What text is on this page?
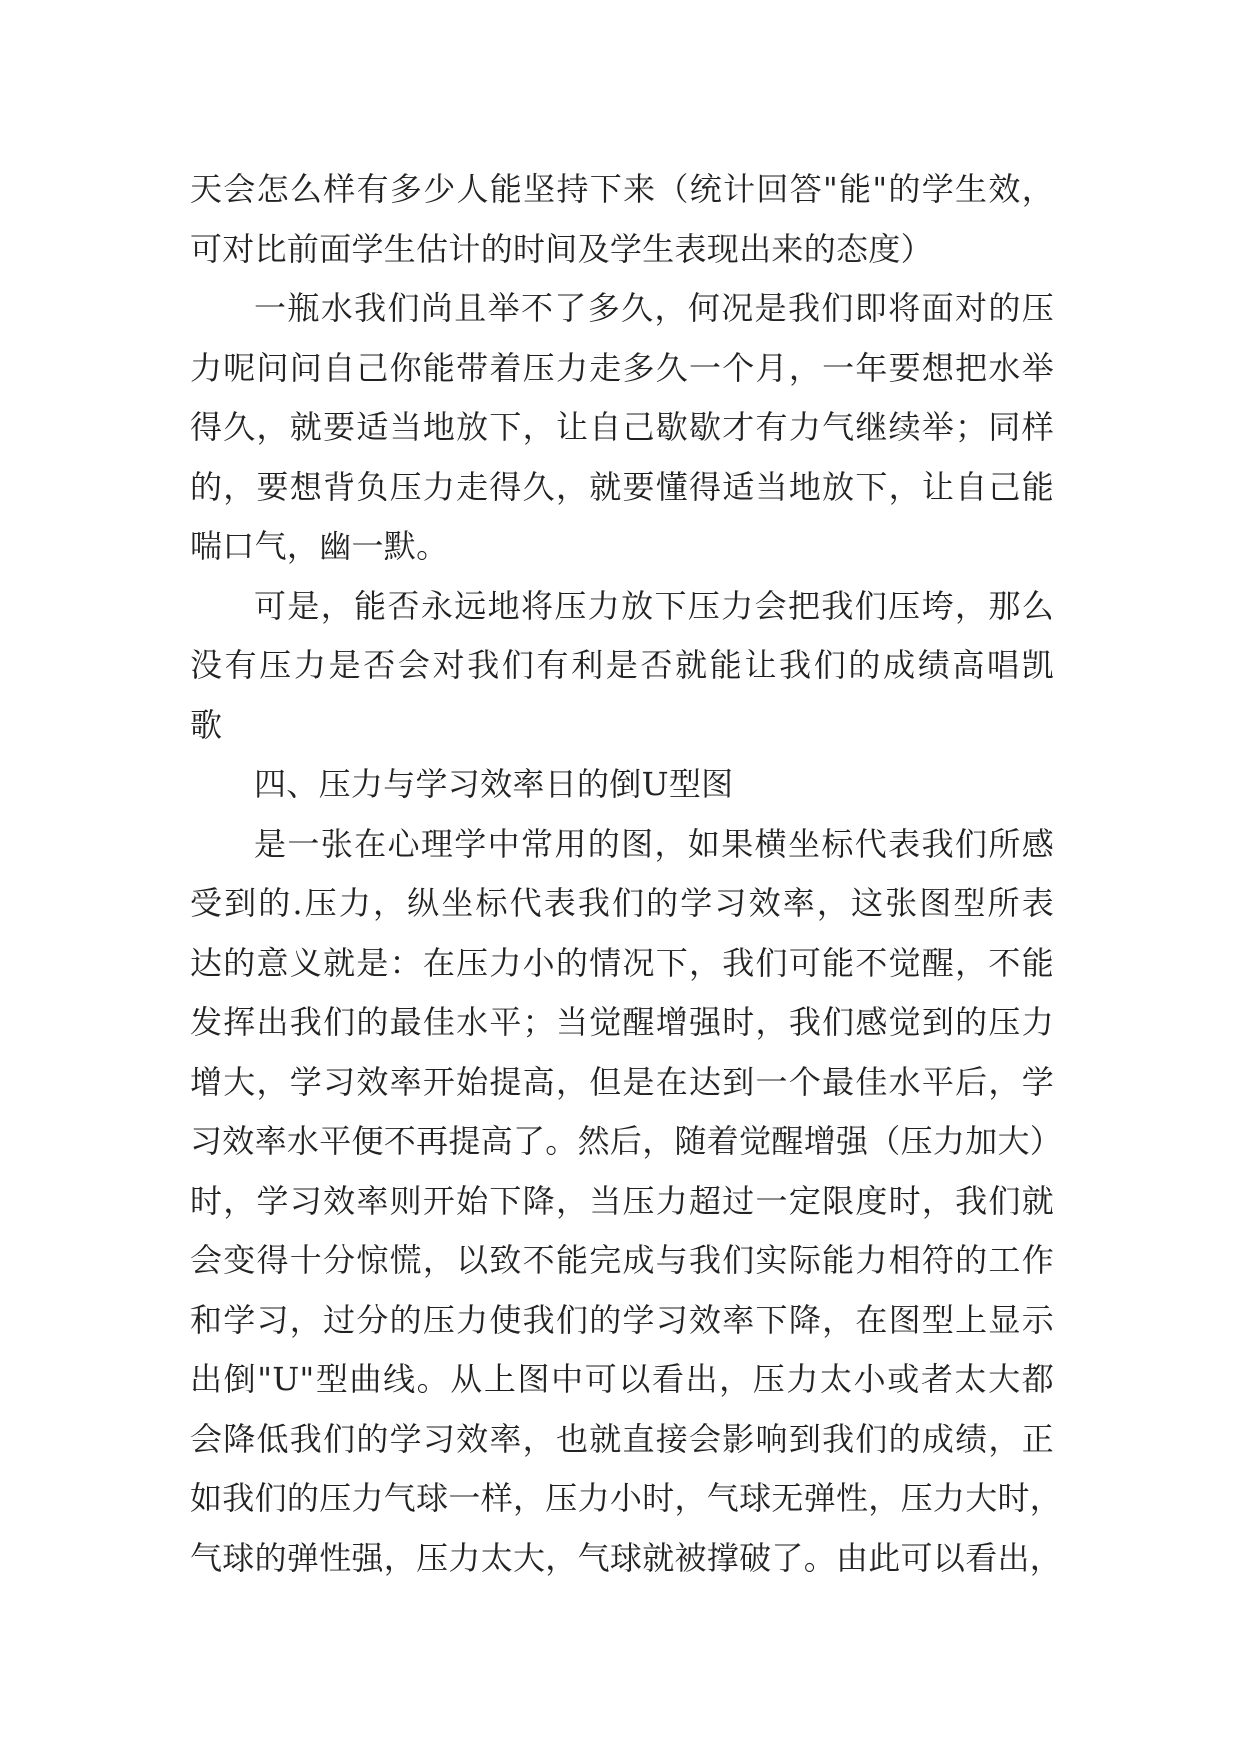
天会怎么样有多少人能坚持下来（统计回答"能"的学生效，
可对比前面学生估计的时间及学生表现出来的态度）
一瓶水我们尚且举不了多久，何况是我们即将面对的压
力呢问问自己你能带着压力走多久一个月，一年要想把水举
得久，就要适当地放下，让自己歇歇才有力气继续举；同样
的，要想背负压力走得久，就要懂得适当地放下，让自己能
喘口气，幽一默。
可是，能否永远地将压力放下压力会把我们压垮，那么
没有压力是否会对我们有利是否就能让我们的成绩高唱凯
歌
四、压力与学习效率日的倒U型图
是一张在心理学中常用的图，如果横坐标代表我们所感
受到的.压力，纵坐标代表我们的学习效率，这张图型所表
达的意义就是：在压力小的情况下，我们可能不觉醒，不能
发挥出我们的最佳水平；当觉醒增强时，我们感觉到的压力
增大，学习效率开始提高，但是在达到一个最佳水平后，学
习效率水平便不再提高了。然后，随着觉醒增强（压力加大）
时，学习效率则开始下降，当压力超过一定限度时，我们就
会变得十分惊慌，以致不能完成与我们实际能力相符的工作
和学习，过分的压力使我们的学习效率下降，在图型上显示
出倒"U"型曲线。从上图中可以看出，压力太小或者太大都
会降低我们的学习效率，也就直接会影响到我们的成绩，正
如我们的压力气球一样，压力小时，气球无弹性，压力大时，
气球的弹性强，压力太大，气球就被撑破了。由此可以看出，
